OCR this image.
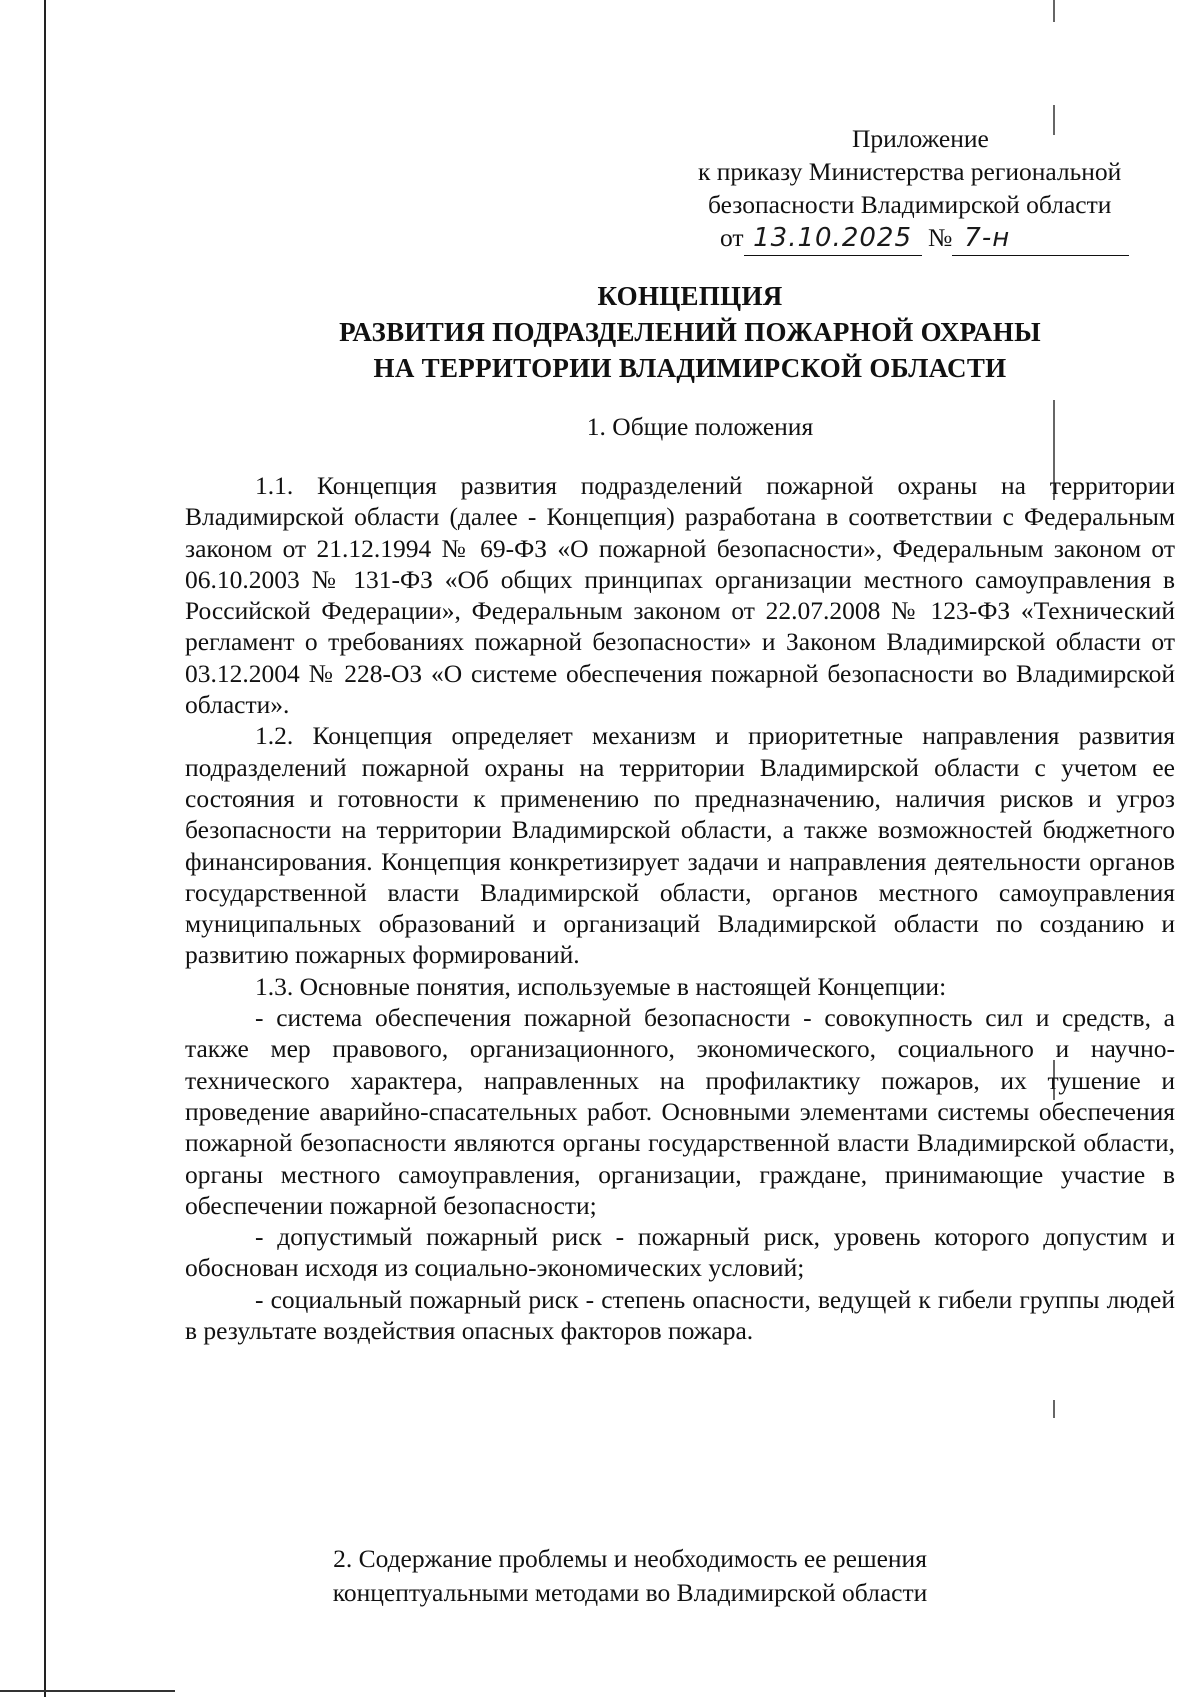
Приложение
к приказу Министерства региональной
безопасности Владимирской области
от 13.10.2025 № 7-н
КОНЦЕПЦИЯ
РАЗВИТИЯ ПОДРАЗДЕЛЕНИЙ ПОЖАРНОЙ ОХРАНЫ
НА ТЕРРИТОРИИ ВЛАДИМИРСКОЙ ОБЛАСТИ
1. Общие положения

1.1. Концепция развития подразделений пожарной охраны на территории Владимирской области (далее - Концепция) разработана в соответствии с Федеральным законом от 21.12.1994 № 69-ФЗ «О пожарной безопасности», Федеральным законом от 06.10.2003 № 131-ФЗ «Об общих принципах организации местного самоуправления в Российской Федерации», Федеральным законом от 22.07.2008 № 123-ФЗ «Технический регламент о требованиях пожарной безопасности» и Законом Владимирской области от 03.12.2004 № 228-ОЗ «О системе обеспечения пожарной безопасности во Владимирской области».

1.2. Концепция определяет механизм и приоритетные направления развития подразделений пожарной охраны на территории Владимирской области с учетом ее состояния и готовности к применению по предназначению, наличия рисков и угроз безопасности на территории Владимирской области, а также возможностей бюджетного финансирования. Концепция конкретизирует задачи и направления деятельности органов государственной власти Владимирской области, органов местного самоуправления муниципальных образований и организаций Владимирской области по созданию и развитию пожарных формирований.

1.3. Основные понятия, используемые в настоящей Концепции:

- система обеспечения пожарной безопасности - совокупность сил и средств, а также мер правового, организационного, экономического, социального и научно-технического характера, направленных на профилактику пожаров, их тушение и проведение аварийно-спасательных работ. Основными элементами системы обеспечения пожарной безопасности являются органы государственной власти Владимирской области, органы местного самоуправления, организации, граждане, принимающие участие в обеспечении пожарной безопасности;

- допустимый пожарный риск - пожарный риск, уровень которого допустим и обоснован исходя из социально-экономических условий;

- социальный пожарный риск - степень опасности, ведущей к гибели группы людей в результате воздействия опасных факторов пожара.

2. Содержание проблемы и необходимость ее решения
концептуальными методами во Владимирской области
